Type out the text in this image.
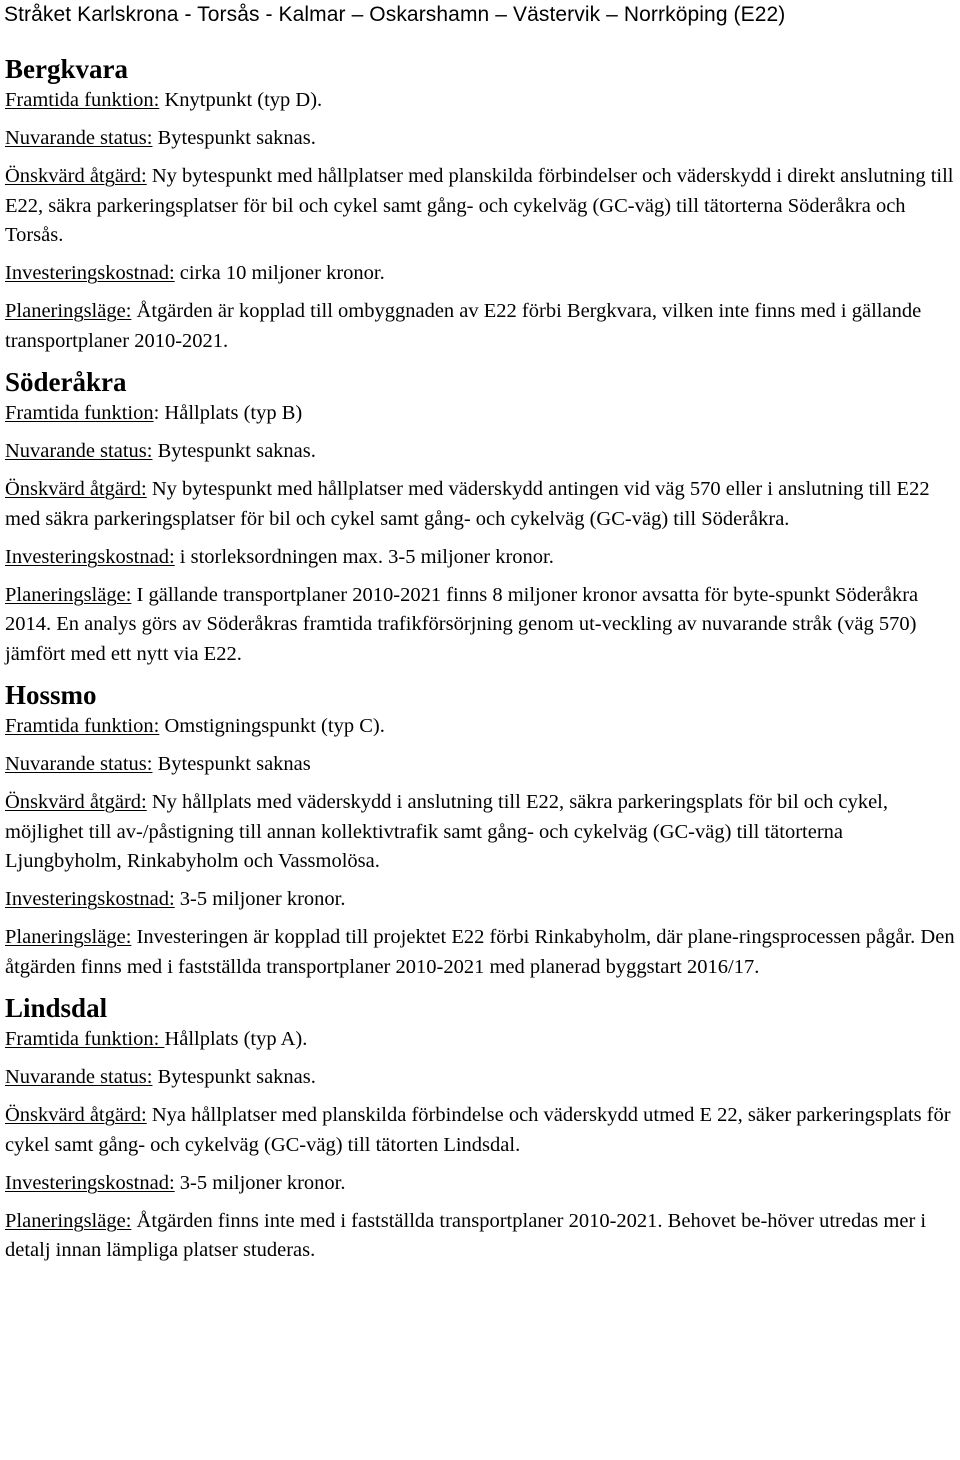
Stråket Karlskrona - Torsås - Kalmar – Oskarshamn – Västervik – Norrköping (E22)
Bergkvara

Framtida funktion: Knytpunkt (typ D).

Nuvarande status: Bytespunkt saknas.

Önskvärd åtgärd: Ny bytespunkt med hållplatser med planskilda förbindelser och väderskydd i direkt anslutning till E22, säkra parkeringsplatser för bil och cykel samt gång- och cykelväg (GC-väg) till tätorterna Söderåkra och Torsås.

Investeringskostnad: cirka 10 miljoner kronor.

Planeringsläge: Åtgärden är kopplad till ombyggnaden av E22 förbi Bergkvara, vilken inte finns med i gällande transportplaner 2010-2021.

Söderåkra

Framtida funktion: Hållplats (typ B)

Nuvarande status: Bytespunkt saknas.

Önskvärd åtgärd: Ny bytespunkt med hållplatser med väderskydd antingen vid väg 570 eller i anslutning till E22 med säkra parkeringsplatser för bil och cykel samt gång- och cykelväg (GC-väg) till Söderåkra.

Investeringskostnad: i storleksordningen max. 3-5 miljoner kronor.

Planeringsläge: I gällande transportplaner 2010-2021 finns 8 miljoner kronor avsatta för byte-spunkt Söderåkra 2014. En analys görs av Söderåkras framtida trafikförsörjning genom ut-veckling av nuvarande stråk (väg 570) jämfört med ett nytt via E22.

Hossmo

Framtida funktion: Omstigningspunkt (typ C).

Nuvarande status: Bytespunkt saknas

Önskvärd åtgärd: Ny hållplats med väderskydd i anslutning till E22, säkra parkeringsplats för bil och cykel, möjlighet till av-/påstigning till annan kollektivtrafik samt gång- och cykelväg (GC-väg) till tätorterna Ljungbyholm, Rinkabyholm och Vassmolösa.

Investeringskostnad: 3-5 miljoner kronor.

Planeringsläge: Investeringen är kopplad till projektet E22 förbi Rinkabyholm, där plane-ringsprocessen pågår. Den åtgärden finns med i fastställda transportplaner 2010-2021 med planerad byggstart 2016/17.

Lindsdal

Framtida funktion: Hållplats (typ A).

Nuvarande status: Bytespunkt saknas.

Önskvärd åtgärd: Nya hållplatser med planskilda förbindelse och väderskydd utmed E 22, säker parkeringsplats för cykel samt gång- och cykelväg (GC-väg) till tätorten Lindsdal.

Investeringskostnad: 3-5 miljoner kronor.

Planeringsläge: Åtgärden finns inte med i fastställda transportplaner 2010-2021. Behovet be-höver utredas mer i detalj innan lämpliga platser studeras.
